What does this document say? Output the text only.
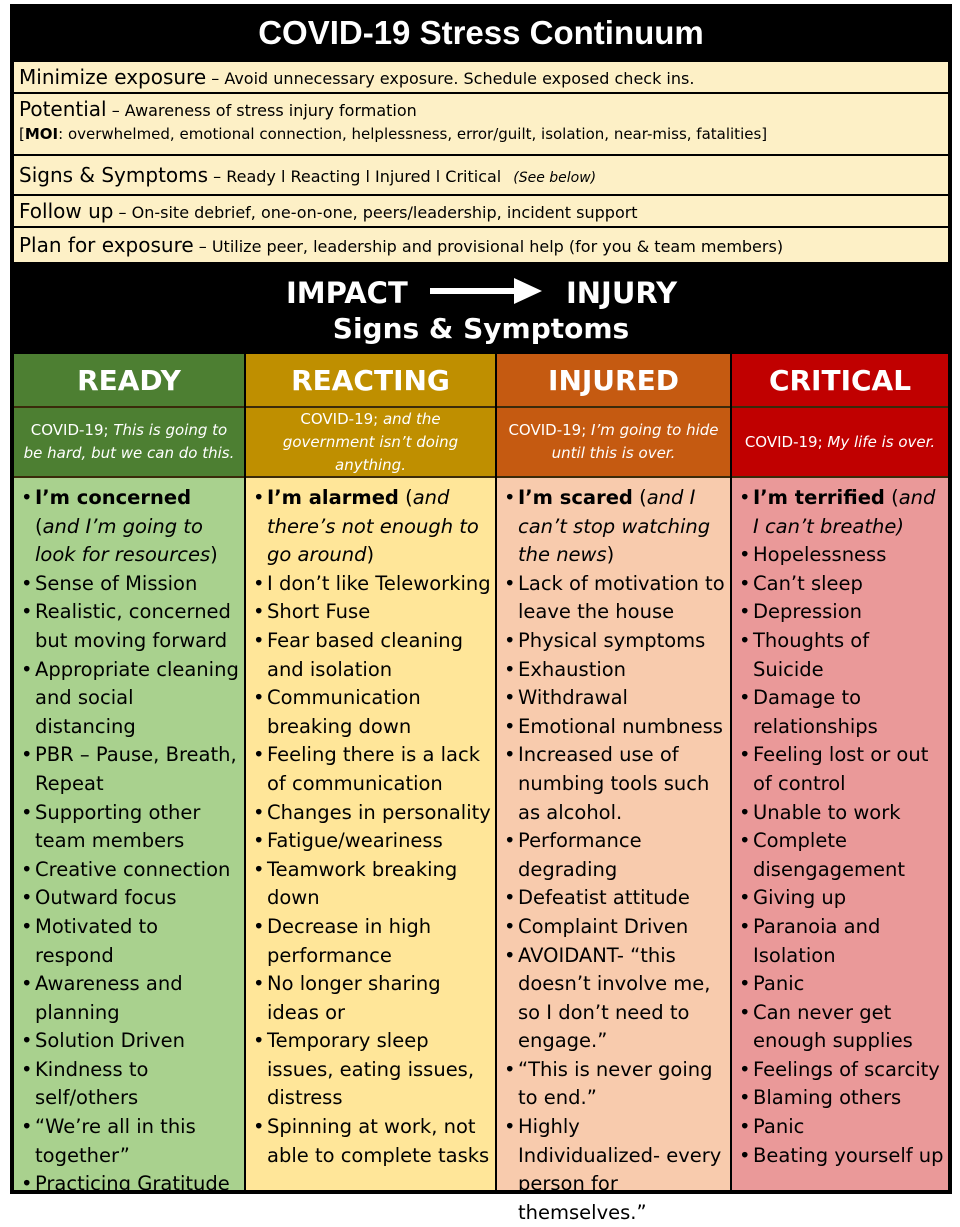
COVID-19 Stress Continuum
Minimize exposure – Avoid unnecessary exposure. Schedule exposed check ins.
Potential – Awareness of stress injury formation
[MOI: overwhelmed, emotional connection, helplessness, error/guilt, isolation, near-miss, fatalities]
Signs & Symptoms – Ready l Reacting l Injured l Critical (See below)
Follow up – On-site debrief, one-on-one, peers/leadership, incident support
Plan for exposure – Utilize peer, leadership and provisional help (for you & team members)
IMPACT	INJURY
Signs & Symptoms
READY
COVID-19; This is going to be hard, but we can do this.
• I’m concerned (and I’m going to look for resources)
• Sense of Mission
• Realistic, concerned but moving forward
• Appropriate cleaning and social distancing
• PBR – Pause, Breath, Repeat
• Supporting other team members
• Creative connection
• Outward focus
• Motivated to respond
• Awareness and planning
• Solution Driven
• Kindness to self/others
• “We’re all in this together”
• Practicing Gratitude
REACTING
COVID-19; and the government isn’t doing anything.
• I’m alarmed (and there’s not enough to go around)
• I don’t like Teleworking
• Short Fuse
• Fear based cleaning and isolation
• Communication breaking down
• Feeling there is a lack of communication
• Changes in personality
• Fatigue/weariness
• Teamwork breaking down
• Decrease in high performance
• No longer sharing ideas or
• Temporary sleep issues, eating issues, distress
• Spinning at work, not able to complete tasks
INJURED
COVID-19; I’m going to hide until this is over.
• I’m scared (and I can’t stop watching the news)
• Lack of motivation to leave the house
• Physical symptoms
• Exhaustion
• Withdrawal
• Emotional numbness
• Increased use of numbing tools such as alcohol.
• Performance degrading
• Defeatist attitude
• Complaint Driven
• AVOIDANT- “this doesn’t involve me, so I don’t need to engage.”
• “This is never going to end.”
• Highly Individualized- every person for themselves.”
CRITICAL
COVID-19; My life is over.
• I’m terrified (and I can’t breathe)
• Hopelessness
• Can’t sleep
• Depression
• Thoughts of Suicide
• Damage to relationships
• Feeling lost or out of control
• Unable to work
• Complete disengagement
• Giving up
• Paranoia and Isolation
• Panic
• Can never get enough supplies
• Feelings of scarcity
• Blaming others
• Panic
• Beating yourself up
